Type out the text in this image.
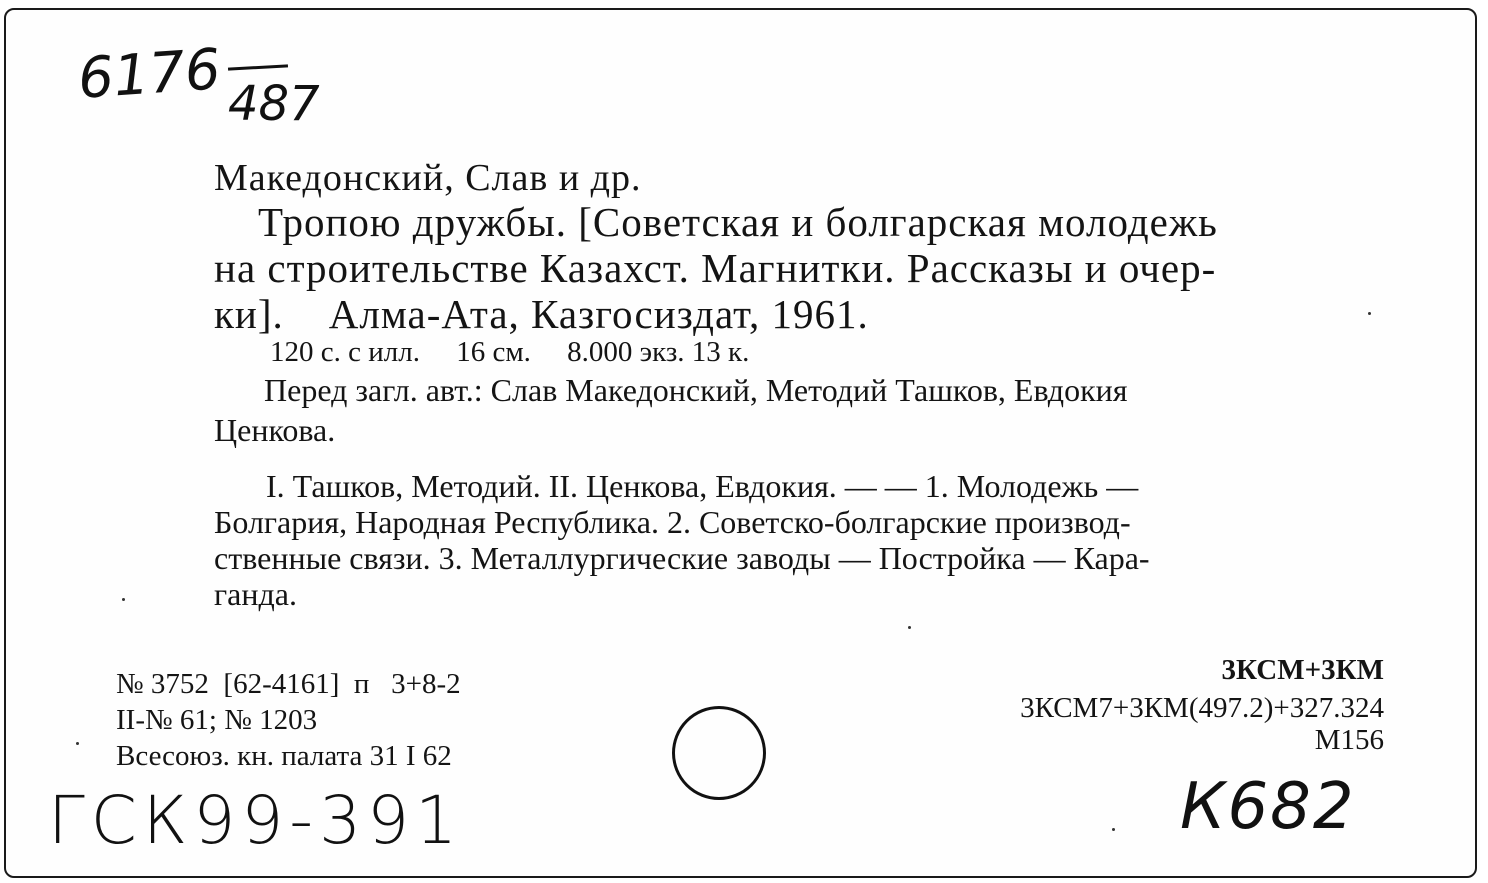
6176 487
Македонский, Слав и др.
Тропою дружбы. [Советская и болгарская молодежь
на строительстве Казахст. Магнитки. Рассказы и очер-
ки].    Алма-Ата, Казгосиздат, 1961.
120 с. с илл.     16 см.     8.000 экз. 13 к.
Перед загл. авт.: Слав Македонский, Методий Ташков, Евдокия
Ценкова.
I. Ташков, Методий. II. Ценкова, Евдокия. — — 1. Молодежь —
Болгария, Народная Республика. 2. Советско-болгарские производ-
ственные связи. 3. Металлургические заводы — Постройка — Кара-
ганда.
№ 3752  [62-4161]  п   3+8-2
II-№ 61; № 1203
Всесоюз. кн. палата 31 I 62
3КСМ+3КМ
3КСМ7+3КМ(497.2)+327.324
М156
ГСК99-391	К682
